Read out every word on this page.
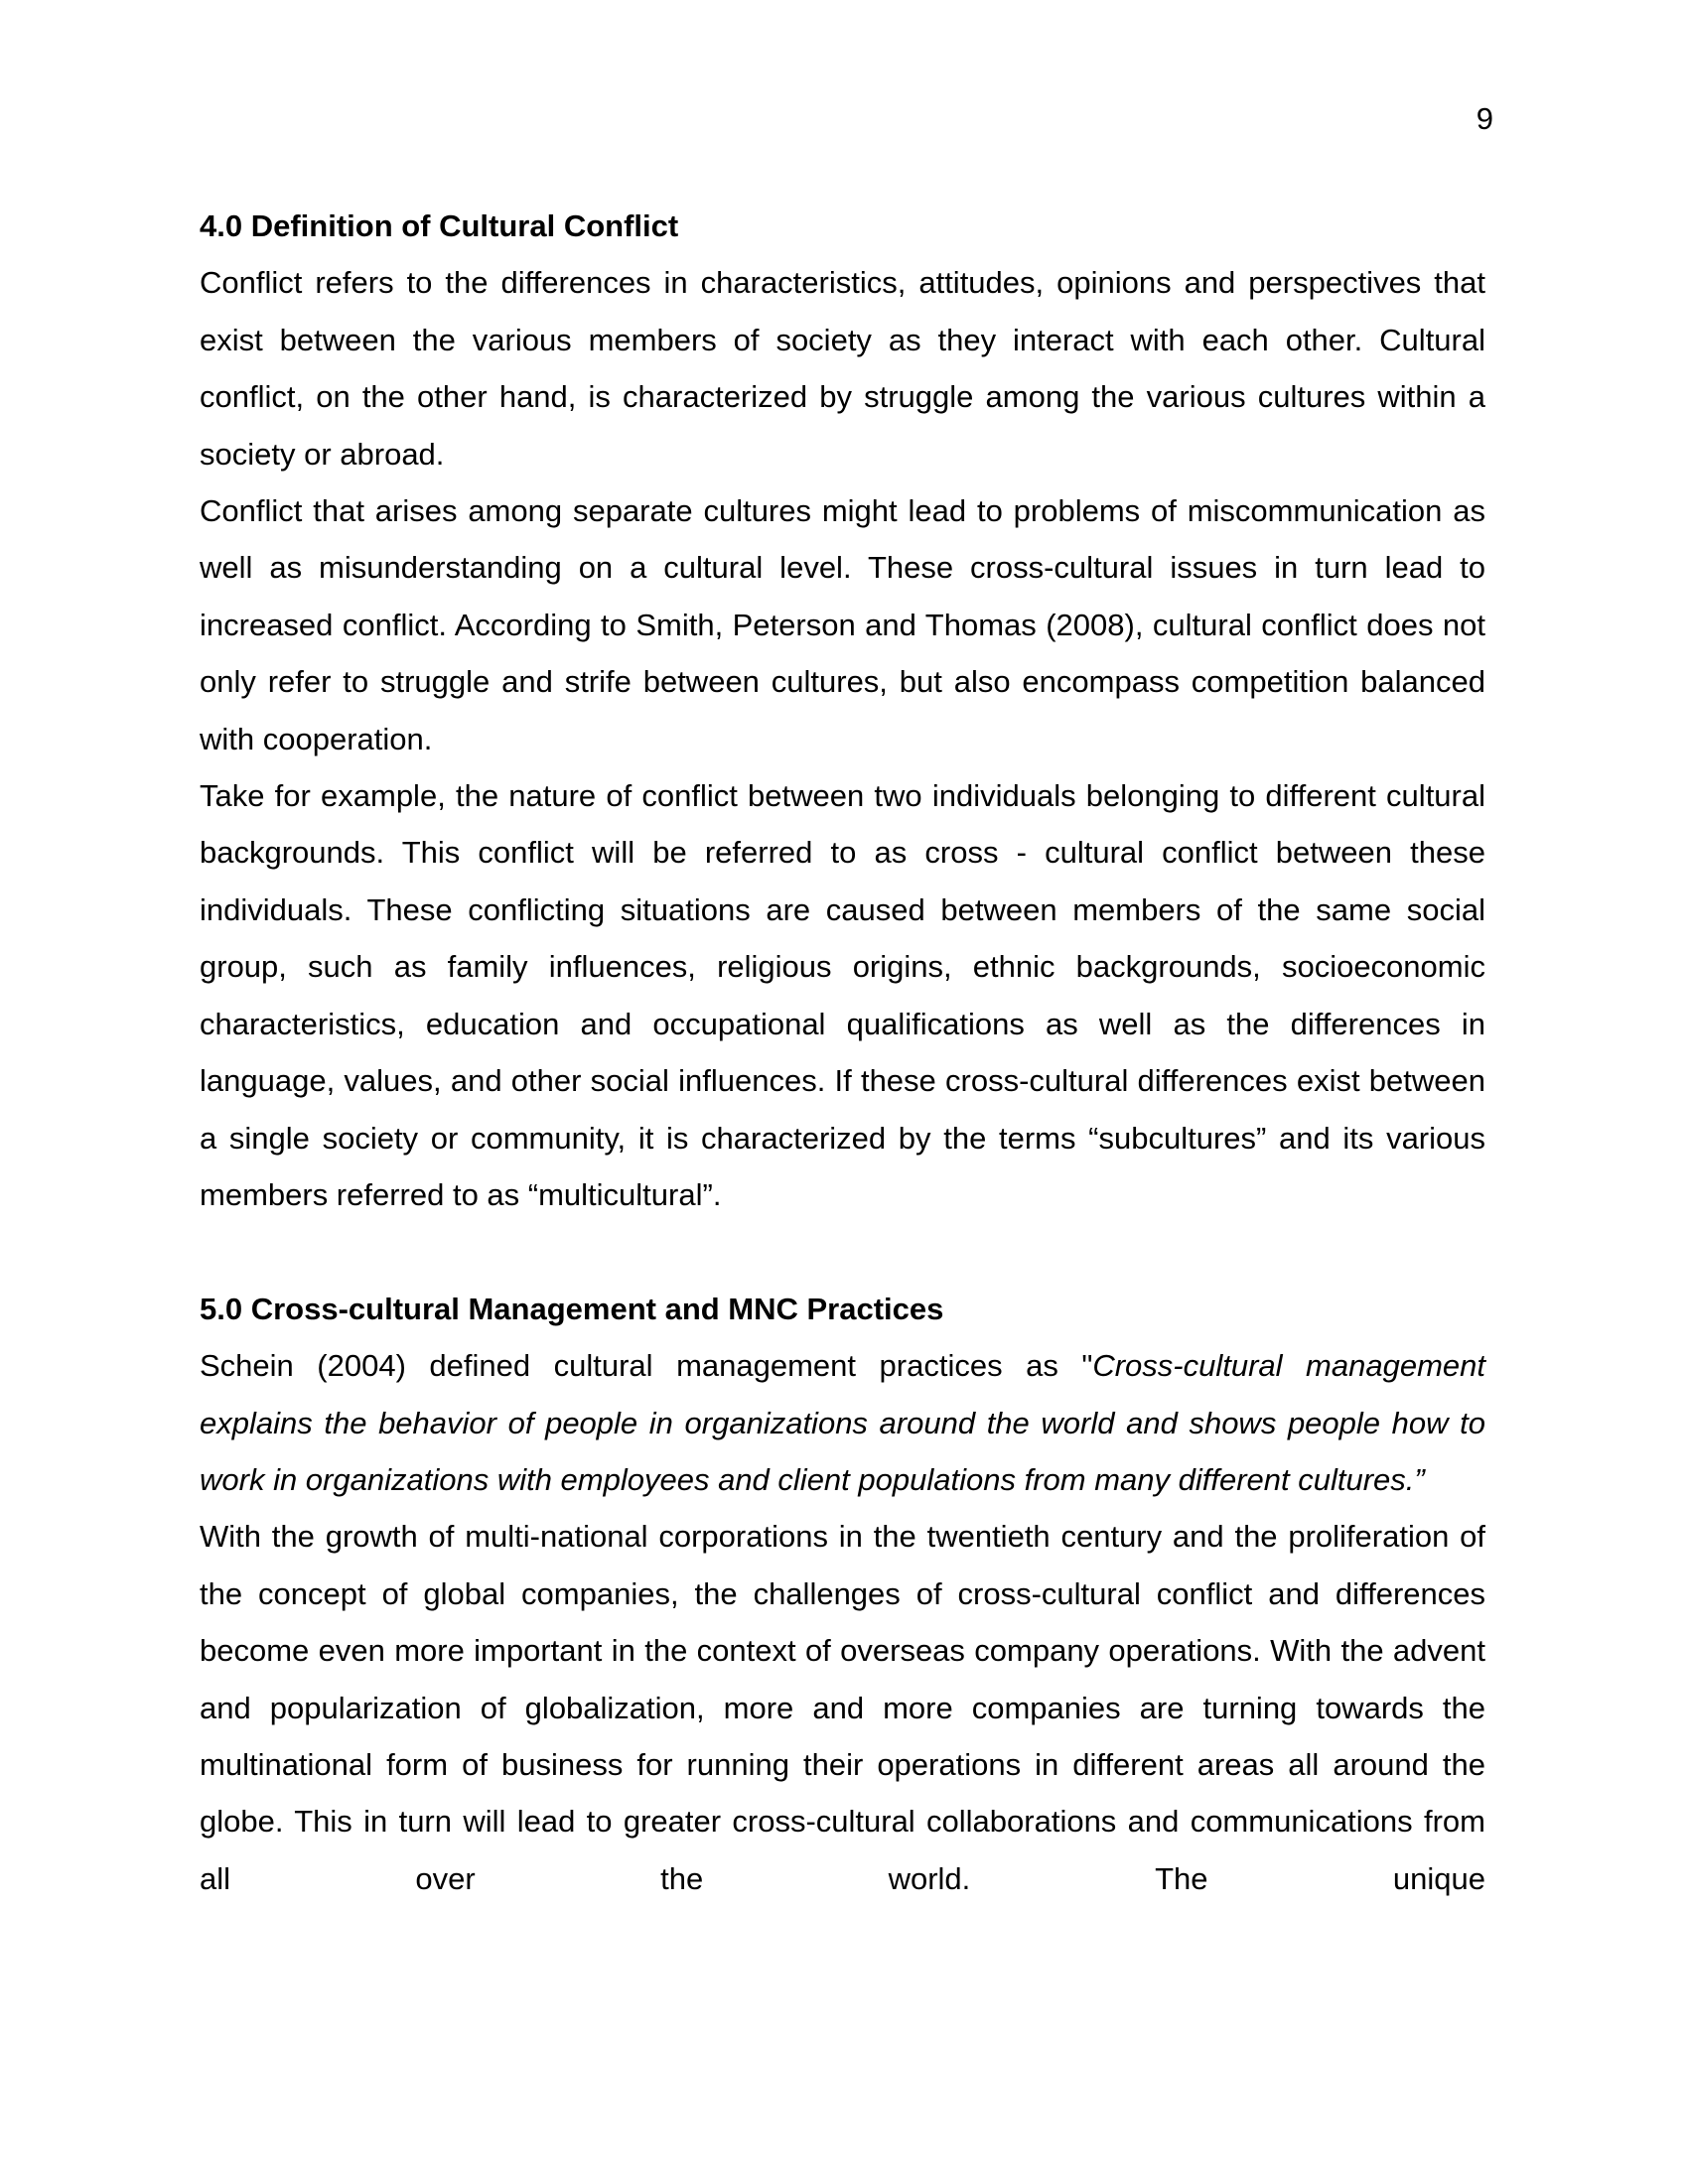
9

4.0 Definition of Cultural Conflict

Conflict refers to the differences in characteristics, attitudes, opinions and perspectives that exist between the various members of society as they interact with each other. Cultural conflict, on the other hand, is characterized by struggle among the various cultures within a society or abroad.

Conflict that arises among separate cultures might lead to problems of miscommunication as well as misunderstanding on a cultural level. These cross-cultural issues in turn lead to increased conflict. According to Smith, Peterson and Thomas (2008), cultural conflict does not only refer to struggle and strife between cultures, but also encompass competition balanced with cooperation.

Take for example, the nature of conflict between two individuals belonging to different cultural backgrounds. This conflict will be referred to as cross - cultural conflict between these individuals. These conflicting situations are caused between members of the same social group, such as family influences, religious origins, ethnic backgrounds, socioeconomic characteristics, education and occupational qualifications as well as the differences in language, values, and other social influences. If these cross-cultural differences exist between a single society or community, it is characterized by the terms “subcultures” and its various members referred to as “multicultural”.

5.0 Cross-cultural Management and MNC Practices

Schein (2004) defined cultural management practices as "Cross-cultural management explains the behavior of people in organizations around the world and shows people how to work in organizations with employees and client populations from many different cultures.”

With the growth of multi-national corporations in the twentieth century and the proliferation of the concept of global companies, the challenges of cross-cultural conflict and differences become even more important in the context of overseas company operations. With the advent and popularization of globalization, more and more companies are turning towards the multinational form of business for running their operations in different areas all around the globe. This in turn will lead to greater cross-cultural collaborations and communications from all over the world. The unique
